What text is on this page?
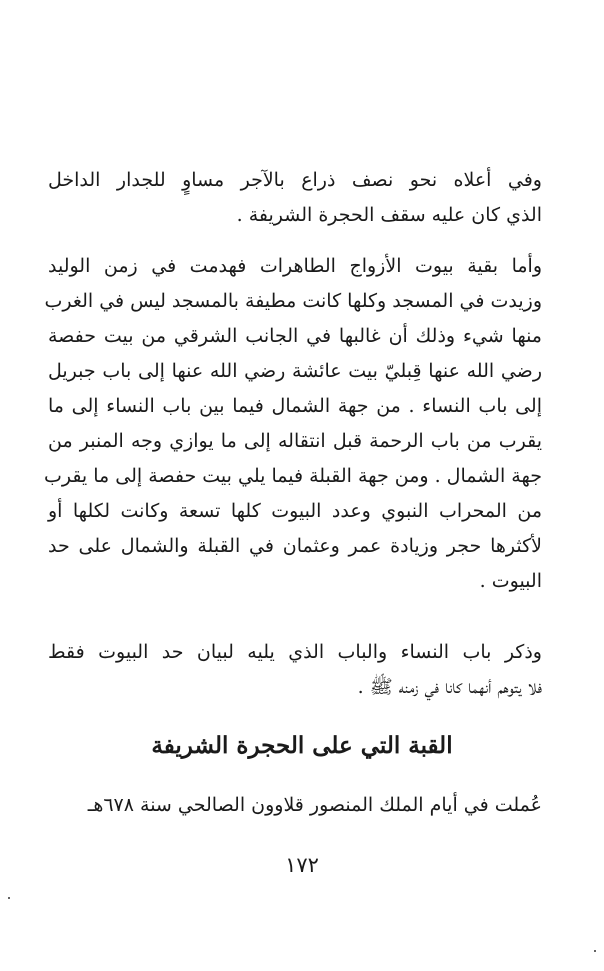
وفي أعلاه نحو نصف ذراع بالآجر مساوٍ للجدار الداخل
الذي كان عليه سقف الحجرة الشريفة .
وأما بقية بيوت الأزواج الطاهرات فهدمت في زمن الوليد
وزيدت في المسجد وكلها كانت مطيفة بالمسجد ليس في الغرب
منها شيء وذلك أن غالبها في الجانب الشرقي من بيت حفصة
رضي الله عنها قِبليّ بيت عائشة رضي الله عنها إلى باب جبريل
إلى باب النساء . من جهة الشمال فيما بين باب النساء إلى ما
يقرب من باب الرحمة قبل انتقاله إلى ما يوازي وجه المنبر من
جهة الشمال . ومن جهة القبلة فيما يلي بيت حفصة إلى ما يقرب
من المحراب النبوي وعدد البيوت كلها تسعة وكانت لكلها أو
لأكثرها حجر وزيادة عمر وعثمان في القبلة والشمال على حد
البيوت .
وذكر باب النساء والباب الذي يليه لبيان حد البيوت فقط
فلا يتوهم أنهما كانا في زمنه ﷺ .
القبة التي على الحجرة الشريفة
عُملت في أيام الملك المنصور قلاوون الصالحي سنة ٦٧٨هـ
١٧٢
